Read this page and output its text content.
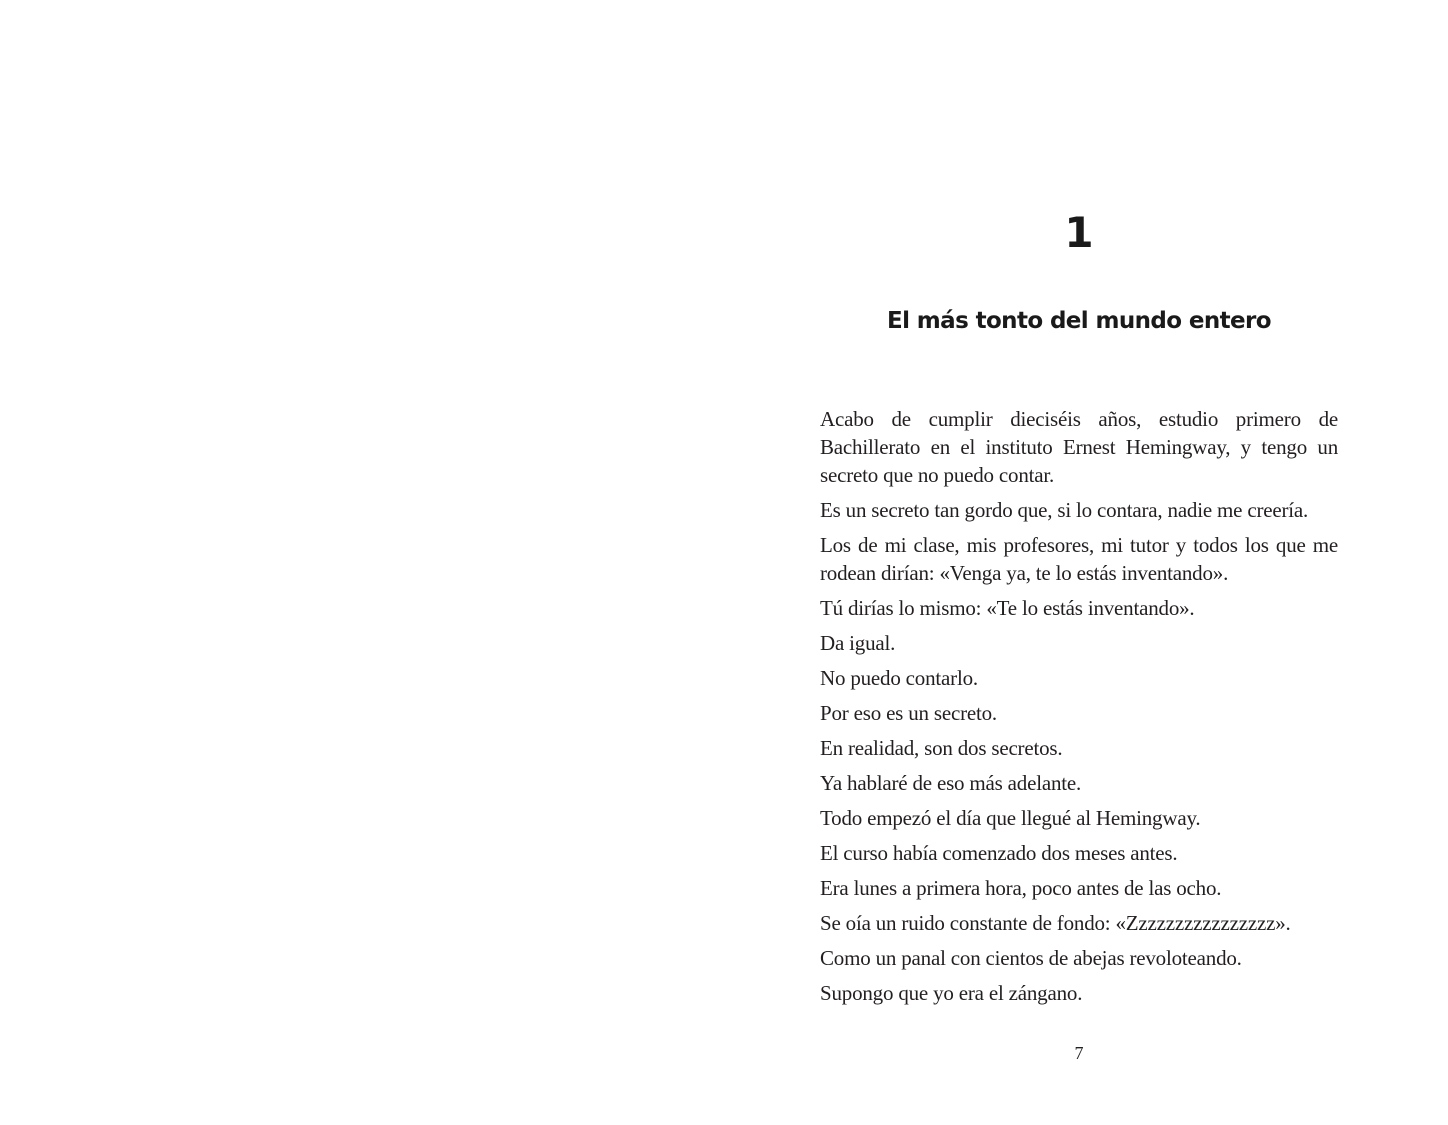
1
El más tonto del mundo entero

Acabo de cumplir dieciséis años, estudio primero de Bachillerato en el instituto Ernest Hemingway, y tengo un secreto que no puedo contar.

Es un secreto tan gordo que, si lo contara, nadie me creería.

Los de mi clase, mis profesores, mi tutor y todos los que me rodean dirían: «Venga ya, te lo estás inventando».

Tú dirías lo mismo: «Te lo estás inventando».

Da igual.

No puedo contarlo.

Por eso es un secreto.

En realidad, son dos secretos.

Ya hablaré de eso más adelante.

Todo empezó el día que llegué al Hemingway.

El curso había comenzado dos meses antes.

Era lunes a primera hora, poco antes de las ocho.

Se oía un ruido constante de fondo: «Zzzzzzzzzzzzzzzz».

Como un panal con cientos de abejas revoloteando.

Supongo que yo era el zángano.

7
